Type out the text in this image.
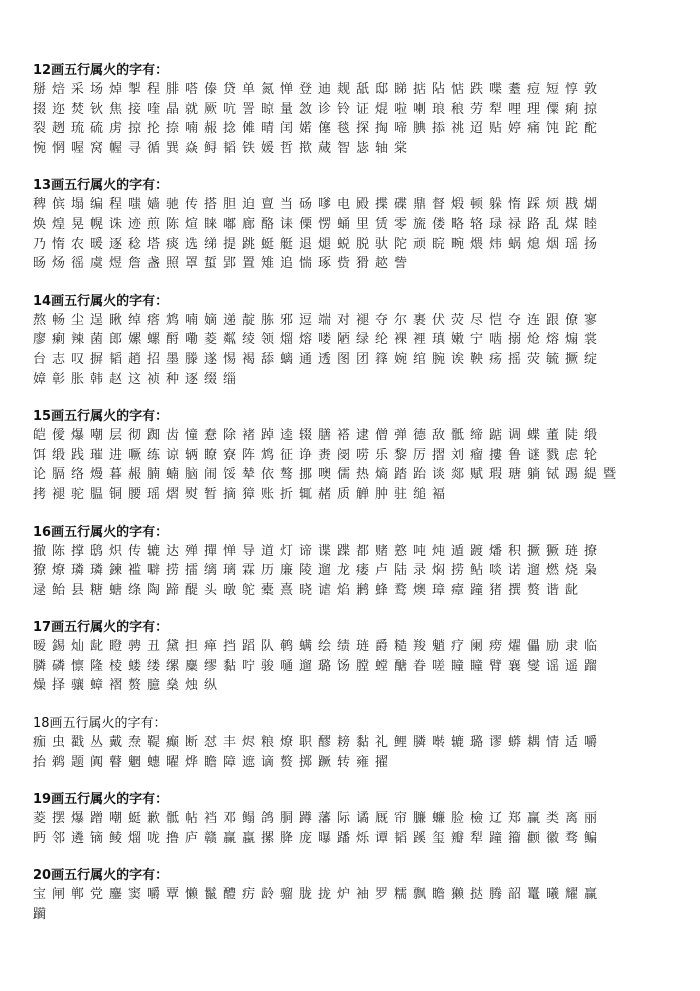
12画五行属火的字有：
掰焙采场焯掣程腓嗒傣贷单氮惮登迪觌舐邸睇掂阽惦跌喋耋痘短惇敦
掇迩焚钬焦接喹晶就厥吭詈晾量敜诊铃证焜啦喇琅稂劳犁哩理僳痢掠
裂趔琉硫虏掠抡捺喃赧捻傩晴闰婼僿毯探掏啼腆掭祧迢贴婷痛饨跎酡
惋惘喔窝幄寻循巽焱鲟韬铁媛哲揿蒇智毖轴棠
13画五行属火的字有：
稗傧塌编程嗤嫱驰传搭胆迫亶当砀嗲电殿揲碟鼎督煅顿躲惰踩烦戡煳
焕煌晃幌诛迹煎陈煊睐嘟廊酪诔傈愣蛹里赁零旒偻略辂琭禄路乱煤睦
乃惰农暖逐稔塔痰选绨提跳蜓艇退煺蜕脱驮陀顽睆畹煨炜蜗熄烟瑶扬
旸炀徭虞煜詹盏照罩蜇郢置雉追惴琢赀猾趑訾
14画五行属火的字有：
熬畅尘逞瞅绰瘩鸩喃嫡递靛胨邪逗端对褪夺尔裹伏荧尽恺夺连跟僚寥
廖瘌辣菌郎嫘螺酹嘞菱粼绫领熘熔喽陋绿纶裸裡瑱嫩宁啮搦炝熔煽裳
台志叹摒韬趙招墨滕遂惕褐舔螭通透图团箨婉绾腕诶鞅疡摇荧毓撅绽
嫜彰胀韩赵这祯种逐缀缁
15画五行属火的字有：
皑僾爆嘲层彻踟齿憧憃除褚踔逵辍膳褡逮僧弹德敌骶缔踮调蝶董陡缎
饵缎践璀进噘练谅辆瞭寮阵鸩征诤赉阌唠乐黎厉摺刘瘤摟鲁谜戮虑轮
论膈络熳暮赧腩蝻脑闹馁辇依骜挪噢儒热熵踏跆谈郯赋瑕瑭躺铽踢緹暨
拷褪驼腽铜腰瑶熠熨暂摘獐账折辄赭质觯肿驻缒褔
16画五行属火的字有：
撤陈撑鸱炽传辘达殚撣惮导道灯谛谍蹀都赌憝吨炖遁踱燔积撅獗琏撩
獠燎璘璘鍊褴噼捞擂缡璃霖历廉陵遛龙瘘卢陆录焖捞鲇啖诺遛燃烧枭
逯鲐县糖螗绦陶蹄醍头暾鸵橐熹晓谑焰鹣蜂鹜燠璋瘴蹱猪撰赘谐龀
17画五行属火的字有：
暧錫灿龀瞪骋丑黛担瘅挡蹈队鹌螨绘绩琏爵糙羧魈疗阑痨燿儡励隶临
膦磷懔隆棱蝼缕缧麋缪黏咛骏嗵遛璐饧膛螳醣眷嗟瞳瞳臂襄燮谣遥蹓
燥择骧蟑褶赘臆燊烛纵
18画五行属火的字有：
痂虫戳丛戴焘鞮癫断怼丰烬粮燎职醪耪黏礼鲤膦啭辘璐谬蟒耦情适嚼
抬鹈题阗瞽魍蟪曜烨瞻障遮谪赘掷蹶转雍擢
19画五行属火的字有：
菱摆爆蹭嘲蜓歉骶帖裆邓鳎鸽胴蹲藩际谲厩帘臁蠊脸檢辽郑赢类离丽
眄邻遴镝鲮熘咙撸庐赣赢蠃摞胮庞曝蹯烁谭韬蹊玺瓣犁蹱籀颧徽骛鳊
20画五行属火的字有：
宝闸郸党鏖窦嚼覃懒鬣醴疠龄骝胧拢炉袖罗糯飘瞻獭挞腾韶鼍曦耀赢
躏
